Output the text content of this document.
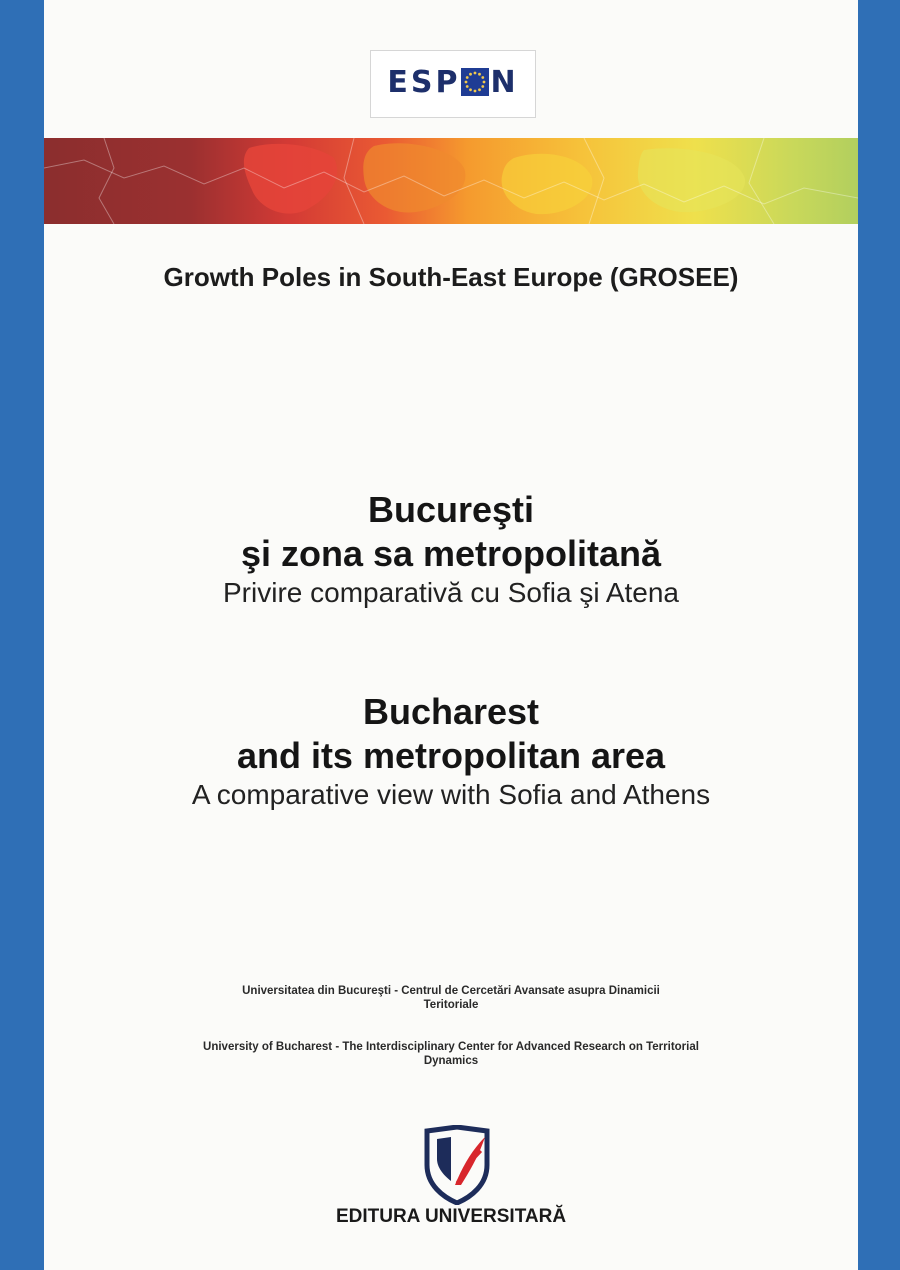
ESP N
Growth Poles in South-East Europe (GROSEE)
Bucureşti
şi zona sa metropolitană
Privire comparativă cu Sofia şi Atena
Bucharest
and its metropolitan area
A comparative view with Sofia and Athens
Universitatea din Bucureşti - Centrul de Cercetări Avansate asupra Dinamicii
Teritoriale
University of Bucharest - The Interdisciplinary Center for Advanced Research on Territorial
Dynamics
EDITURA UNIVERSITARĂ
